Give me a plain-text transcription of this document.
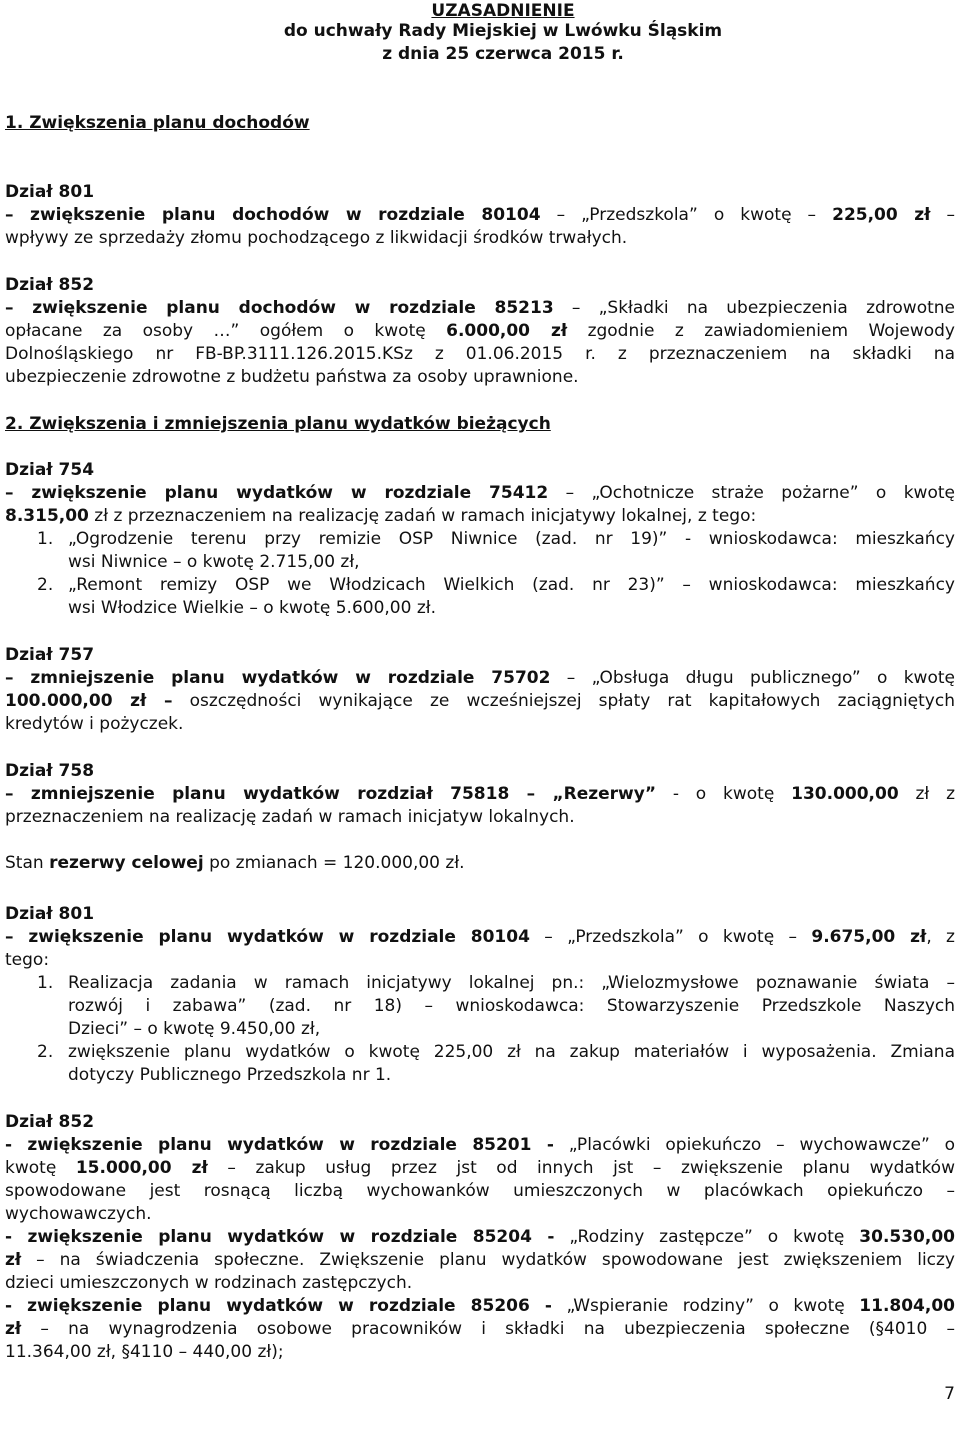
UZASADNIENIE
do uchwały Rady Miejskiej w Lwówku Śląskim
z dnia 25 czerwca 2015 r.
1. Zwiększenia planu dochodów
Dział 801
– zwiększenie planu dochodów w rozdziale 80104 – „Przedszkola” o kwotę – 225,00 zł –
wpływy ze sprzedaży złomu pochodzącego z likwidacji środków trwałych.
Dział 852
– zwiększenie planu dochodów w rozdziale 85213 – „Składki na ubezpieczenia zdrowotne
opłacane za osoby …” ogółem o kwotę 6.000,00 zł zgodnie z zawiadomieniem Wojewody
Dolnośląskiego nr FB-BP.3111.126.2015.KSz z 01.06.2015 r. z przeznaczeniem na składki na
ubezpieczenie zdrowotne z budżetu państwa za osoby uprawnione.
2. Zwiększenia i zmniejszenia planu wydatków bieżących
Dział 754
– zwiększenie planu wydatków w rozdziale 75412 – „Ochotnicze straże pożarne” o kwotę
8.315,00 zł z przeznaczeniem na realizację zadań w ramach inicjatywy lokalnej, z tego:
1. „Ogrodzenie terenu przy remizie OSP Niwnice (zad. nr 19)” - wnioskodawca: mieszkańcy
wsi Niwnice – o kwotę 2.715,00 zł,
2. „Remont remizy OSP we Włodzicach Wielkich (zad. nr 23)” – wnioskodawca: mieszkańcy
wsi Włodzice Wielkie – o kwotę 5.600,00 zł.
Dział 757
– zmniejszenie planu wydatków w rozdziale 75702 – „Obsługa długu publicznego” o kwotę
100.000,00 zł – oszczędności wynikające ze wcześniejszej spłaty rat kapitałowych zaciągniętych
kredytów i pożyczek.
Dział 758
– zmniejszenie planu wydatków rozdział 75818 – „Rezerwy” - o kwotę 130.000,00 zł z
przeznaczeniem na realizację zadań w ramach inicjatyw lokalnych.
Stan rezerwy celowej po zmianach = 120.000,00 zł.
Dział 801
– zwiększenie planu wydatków w rozdziale 80104 – „Przedszkola” o kwotę – 9.675,00 zł, z
tego:
1. Realizacja zadania w ramach inicjatywy lokalnej pn.: „Wielozmysłowe poznawanie świata –
rozwój i zabawa” (zad. nr 18) – wnioskodawca: Stowarzyszenie Przedszkole Naszych
Dzieci” – o kwotę 9.450,00 zł,
2. zwiększenie planu wydatków o kwotę 225,00 zł na zakup materiałów i wyposażenia. Zmiana
dotyczy Publicznego Przedszkola nr 1.
Dział 852
- zwiększenie planu wydatków w rozdziale 85201 - „Placówki opiekuńczo – wychowawcze” o
kwotę 15.000,00 zł – zakup usług przez jst od innych jst – zwiększenie planu wydatków
spowodowane jest rosnącą liczbą wychowanków umieszczonych w placówkach opiekuńczo –
wychowawczych.
- zwiększenie planu wydatków w rozdziale 85204 - „Rodziny zastępcze” o kwotę 30.530,00
zł – na świadczenia społeczne. Zwiększenie planu wydatków spowodowane jest zwiększeniem liczy
dzieci umieszczonych w rodzinach zastępczych.
- zwiększenie planu wydatków w rozdziale 85206 - „Wspieranie rodziny” o kwotę 11.804,00
zł – na wynagrodzenia osobowe pracowników i składki na ubezpieczenia społeczne (§4010 –
11.364,00 zł, §4110 – 440,00 zł);
7
